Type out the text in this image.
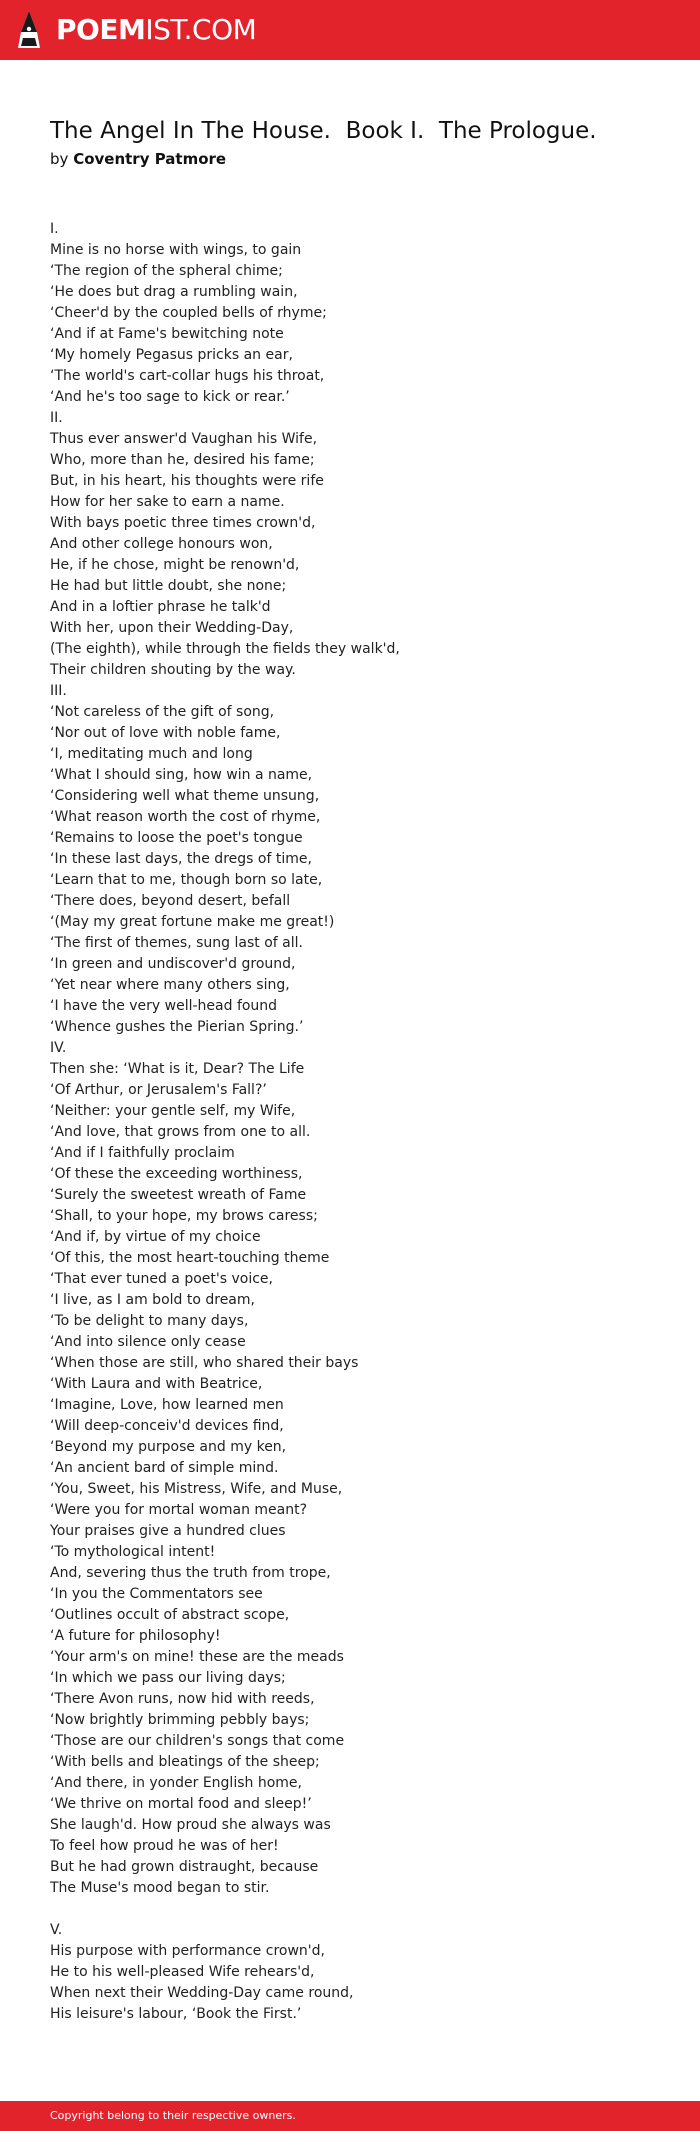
POEMIST.COM
The Angel In The House.  Book I.  The Prologue.
by Coventry Patmore
I.
Mine is no horse with wings, to gain
‘The region of the spheral chime;
‘He does but drag a rumbling wain,
‘Cheer'd by the coupled bells of rhyme;
‘And if at Fame's bewitching note
‘My homely Pegasus pricks an ear,
‘The world's cart-collar hugs his throat,
‘And he's too sage to kick or rear.’
II.
Thus ever answer'd Vaughan his Wife,
Who, more than he, desired his fame;
But, in his heart, his thoughts were rife
How for her sake to earn a name.
With bays poetic three times crown'd,
And other college honours won,
He, if he chose, might be renown'd,
He had but little doubt, she none;
And in a loftier phrase he talk'd
With her, upon their Wedding-Day,
(The eighth), while through the fields they walk'd,
Their children shouting by the way.
III.
‘Not careless of the gift of song,
‘Nor out of love with noble fame,
‘I, meditating much and long
‘What I should sing, how win a name,
‘Considering well what theme unsung,
‘What reason worth the cost of rhyme,
‘Remains to loose the poet's tongue
‘In these last days, the dregs of time,
‘Learn that to me, though born so late,
‘There does, beyond desert, befall
‘(May my great fortune make me great!)
‘The first of themes, sung last of all.
‘In green and undiscover'd ground,
‘Yet near where many others sing,
‘I have the very well-head found
‘Whence gushes the Pierian Spring.’
IV.
Then she: ‘What is it, Dear? The Life
‘Of Arthur, or Jerusalem's Fall?’
‘Neither: your gentle self, my Wife,
‘And love, that grows from one to all.
‘And if I faithfully proclaim
‘Of these the exceeding worthiness,
‘Surely the sweetest wreath of Fame
‘Shall, to your hope, my brows caress;
‘And if, by virtue of my choice
‘Of this, the most heart-touching theme
‘That ever tuned a poet's voice,
‘I live, as I am bold to dream,
‘To be delight to many days,
‘And into silence only cease
‘When those are still, who shared their bays
‘With Laura and with Beatrice,
‘Imagine, Love, how learned men
‘Will deep-conceiv'd devices find,
‘Beyond my purpose and my ken,
‘An ancient bard of simple mind.
‘You, Sweet, his Mistress, Wife, and Muse,
‘Were you for mortal woman meant?
Your praises give a hundred clues
‘To mythological intent!
And, severing thus the truth from trope,
‘In you the Commentators see
‘Outlines occult of abstract scope,
‘A future for philosophy!
‘Your arm's on mine! these are the meads
‘In which we pass our living days;
‘There Avon runs, now hid with reeds,
‘Now brightly brimming pebbly bays;
‘Those are our children's songs that come
‘With bells and bleatings of the sheep;
‘And there, in yonder English home,
‘We thrive on mortal food and sleep!’
She laugh'd. How proud she always was
To feel how proud he was of her!
But he had grown distraught, because
The Muse's mood began to stir.
V.
His purpose with performance crown'd,
He to his well-pleased Wife rehears'd,
When next their Wedding-Day came round,
His leisure's labour, ‘Book the First.’
Copyright belong to their respective owners.
